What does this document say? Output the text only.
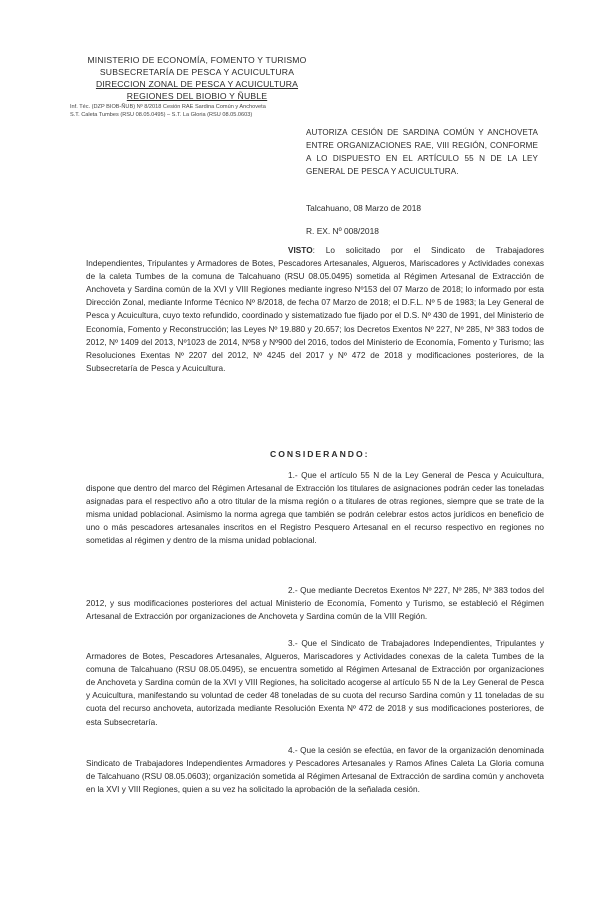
MINISTERIO DE ECONOMÍA, FOMENTO Y TURISMO
SUBSECRETARÍA DE PESCA Y ACUICULTURA
DIRECCION ZONAL DE PESCA Y ACUICULTURA
REGIONES DEL BIOBIO Y ÑUBLE
Inf. Téc. (DZP BIOB-ÑUB) Nº 8/2018 Cesión RAE Sardina Común y Anchoveta
S.T. Caleta Tumbes (RSU 08.05.0495) – S.T. La Gloria (RSU 08.05.0603)
AUTORIZA CESIÓN DE SARDINA COMÚN Y ANCHOVETA ENTRE ORGANIZACIONES RAE, VIII REGIÓN, CONFORME A LO DISPUESTO EN EL ARTÍCULO 55 N DE LA LEY GENERAL DE PESCA Y ACUICULTURA.
Talcahuano, 08 Marzo de 2018
R. EX. Nº 008/2018
VISTO: Lo solicitado por el Sindicato de Trabajadores Independientes, Tripulantes y Armadores de Botes, Pescadores Artesanales, Algueros, Mariscadores y Actividades conexas de la caleta Tumbes de la comuna de Talcahuano (RSU 08.05.0495) sometida al Régimen Artesanal de Extracción de Anchoveta y Sardina común de la XVI y VIII Regiones mediante ingreso Nº153 del 07 Marzo de 2018; lo informado por esta Dirección Zonal, mediante Informe Técnico Nº 8/2018, de fecha 07 Marzo de 2018; el D.F.L. Nº 5 de 1983; la Ley General de Pesca y Acuicultura, cuyo texto refundido, coordinado y sistematizado fue fijado por el D.S. Nº 430 de 1991, del Ministerio de Economía, Fomento y Reconstrucción; las Leyes Nº 19.880 y 20.657; los Decretos Exentos Nº 227, Nº 285, Nº 383 todos de 2012, Nº 1409 del 2013, Nº1023 de 2014, Nº58 y Nº900 del 2016, todos del Ministerio de Economía, Fomento y Turismo; las Resoluciones Exentas Nº 2207 del 2012, Nº 4245 del 2017 y Nº 472 de 2018 y modificaciones posteriores, de la Subsecretaría de Pesca y Acuicultura.
CONSIDERANDO:
1.- Que el artículo 55 N de la Ley General de Pesca y Acuicultura, dispone que dentro del marco del Régimen Artesanal de Extracción los titulares de asignaciones podrán ceder las toneladas asignadas para el respectivo año a otro titular de la misma región o a titulares de otras regiones, siempre que se trate de la misma unidad poblacional. Asimismo la norma agrega que también se podrán celebrar estos actos jurídicos en beneficio de uno o más pescadores artesanales inscritos en el Registro Pesquero Artesanal en el recurso respectivo en regiones no sometidas al régimen y dentro de la misma unidad poblacional.
2.- Que mediante Decretos Exentos Nº 227, Nº 285, Nº 383 todos del 2012, y sus modificaciones posteriores del actual Ministerio de Economía, Fomento y Turismo, se estableció el Régimen Artesanal de Extracción por organizaciones de Anchoveta y Sardina común de la VIII Región.
3.- Que el Sindicato de Trabajadores Independientes, Tripulantes y Armadores de Botes, Pescadores Artesanales, Algueros, Mariscadores y Actividades conexas de la caleta Tumbes de la comuna de Talcahuano (RSU 08.05.0495), se encuentra sometido al Régimen Artesanal de Extracción por organizaciones de Anchoveta y Sardina común de la XVI y VIII Regiones, ha solicitado acogerse al artículo 55 N de la Ley General de Pesca y Acuicultura, manifestando su voluntad de ceder 48 toneladas de su cuota del recurso Sardina común y 11 toneladas de su cuota del recurso anchoveta, autorizada mediante Resolución Exenta Nº 472 de 2018 y sus modificaciones posteriores, de esta Subsecretaría.
4.- Que la cesión se efectúa, en favor de la organización denominada Sindicato de Trabajadores Independientes Armadores y Pescadores Artesanales y Ramos Afines Caleta La Gloria comuna de Talcahuano (RSU 08.05.0603); organización sometida al Régimen Artesanal de Extracción de sardina común y anchoveta en la XVI y VIII Regiones, quien a su vez ha solicitado la aprobación de la señalada cesión.
